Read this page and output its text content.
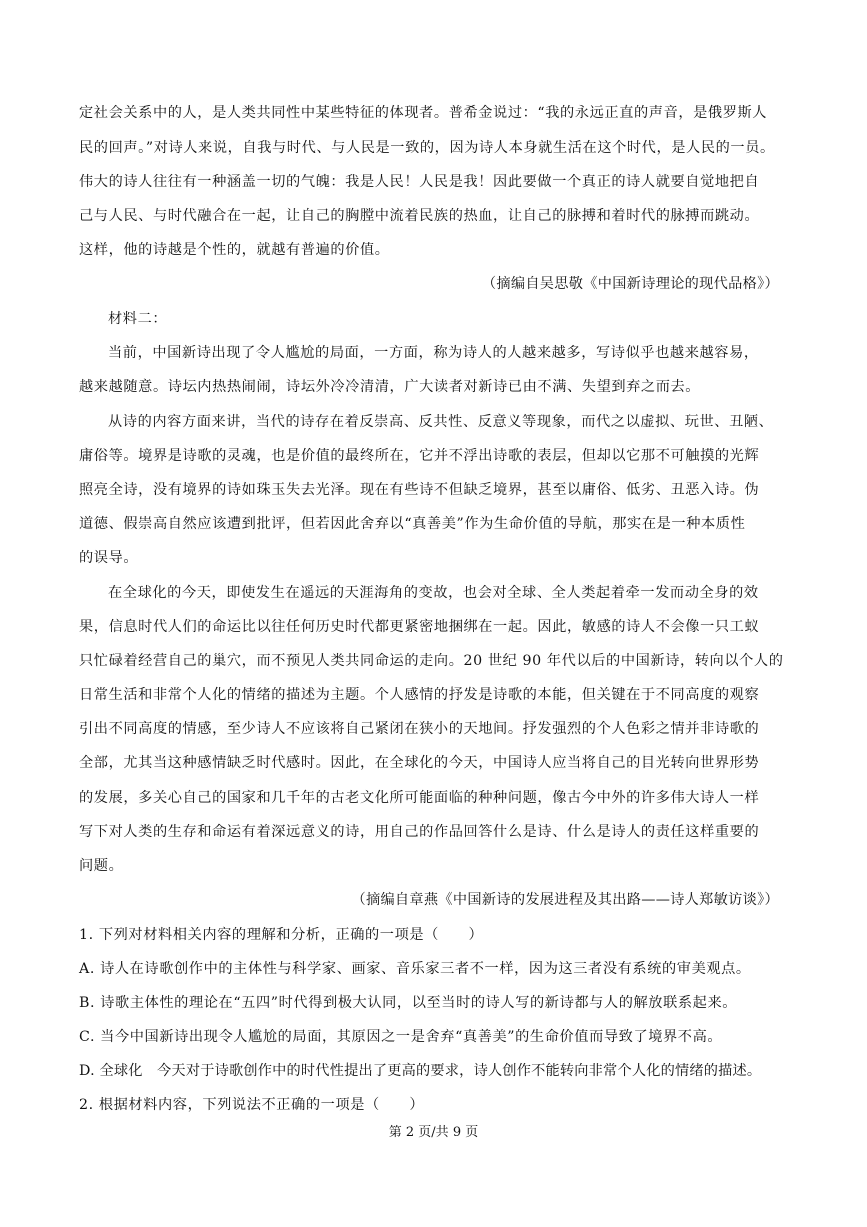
定社会关系中的人，是人类共同性中某些特征的体现者。普希金说过：“我的永远正直的声音，是俄罗斯人
民的回声。”对诗人来说，自我与时代、与人民是一致的，因为诗人本身就生活在这个时代，是人民的一员。
伟大的诗人往往有一种涵盖一切的气魄：我是人民！人民是我！因此要做一个真正的诗人就要自觉地把自
己与人民、与时代融合在一起，让自己的胸膛中流着民族的热血，让自己的脉搏和着时代的脉搏而跳动。
这样，他的诗越是个性的，就越有普遍的价值。
（摘编自吴思敬《中国新诗理论的现代品格》）
材料二：
当前，中国新诗出现了令人尴尬的局面，一方面，称为诗人的人越来越多，写诗似乎也越来越容易，
越来越随意。诗坛内热热闹闹，诗坛外冷冷清清，广大读者对新诗已由不满、失望到弃之而去。
从诗的内容方面来讲，当代的诗存在着反崇高、反共性、反意义等现象，而代之以虚拟、玩世、丑陋、
庸俗等。境界是诗歌的灵魂，也是价值的最终所在，它并不浮出诗歌的表层，但却以它那不可触摸的光辉
照亮全诗，没有境界的诗如珠玉失去光泽。现在有些诗不但缺乏境界，甚至以庸俗、低劣、丑恶入诗。伪
道德、假崇高自然应该遭到批评，但若因此舍弃以“真善美”作为生命价值的导航，那实在是一种本质性
的误导。
在全球化的今天，即使发生在遥远的天涯海角的变故，也会对全球、全人类起着牵一发而动全身的效
果，信息时代人们的命运比以往任何历史时代都更紧密地捆绑在一起。因此，敏感的诗人不会像一只工蚁
只忙碌着经营自己的巢穴，而不预见人类共同命运的走向。20 世纪 90 年代以后的中国新诗，转向以个人的
日常生活和非常个人化的情绪的描述为主题。个人感情的抒发是诗歌的本能，但关键在于不同高度的观察
引出不同高度的情感，至少诗人不应该将自己紧闭在狭小的天地间。抒发强烈的个人色彩之情并非诗歌的
全部，尤其当这种感情缺乏时代感时。因此，在全球化的今天，中国诗人应当将自己的目光转向世界形势
的发展，多关心自己的国家和几千年的古老文化所可能面临的种种问题，像古今中外的许多伟大诗人一样
写下对人类的生存和命运有着深远意义的诗，用自己的作品回答什么是诗、什么是诗人的责任这样重要的
问题。
（摘编自章燕《中国新诗的发展进程及其出路——诗人郑敏访谈》）
1. 下列对材料相关内容的理解和分析，正确的一项是（　　）
A. 诗人在诗歌创作中的主体性与科学家、画家、音乐家三者不一样，因为这三者没有系统的审美观点。
B. 诗歌主体性的理论在“五四”时代得到极大认同，以至当时的诗人写的新诗都与人的解放联系起来。
C. 当今中国新诗出现令人尴尬的局面，其原因之一是舍弃“真善美”的生命价值而导致了境界不高。
D. 全球化　今天对于诗歌创作中的时代性提出了更高的要求，诗人创作不能转向非常个人化的情绪的描述。
2. 根据材料内容，下列说法不正确的一项是（　　）
第 2 页/共 9 页
